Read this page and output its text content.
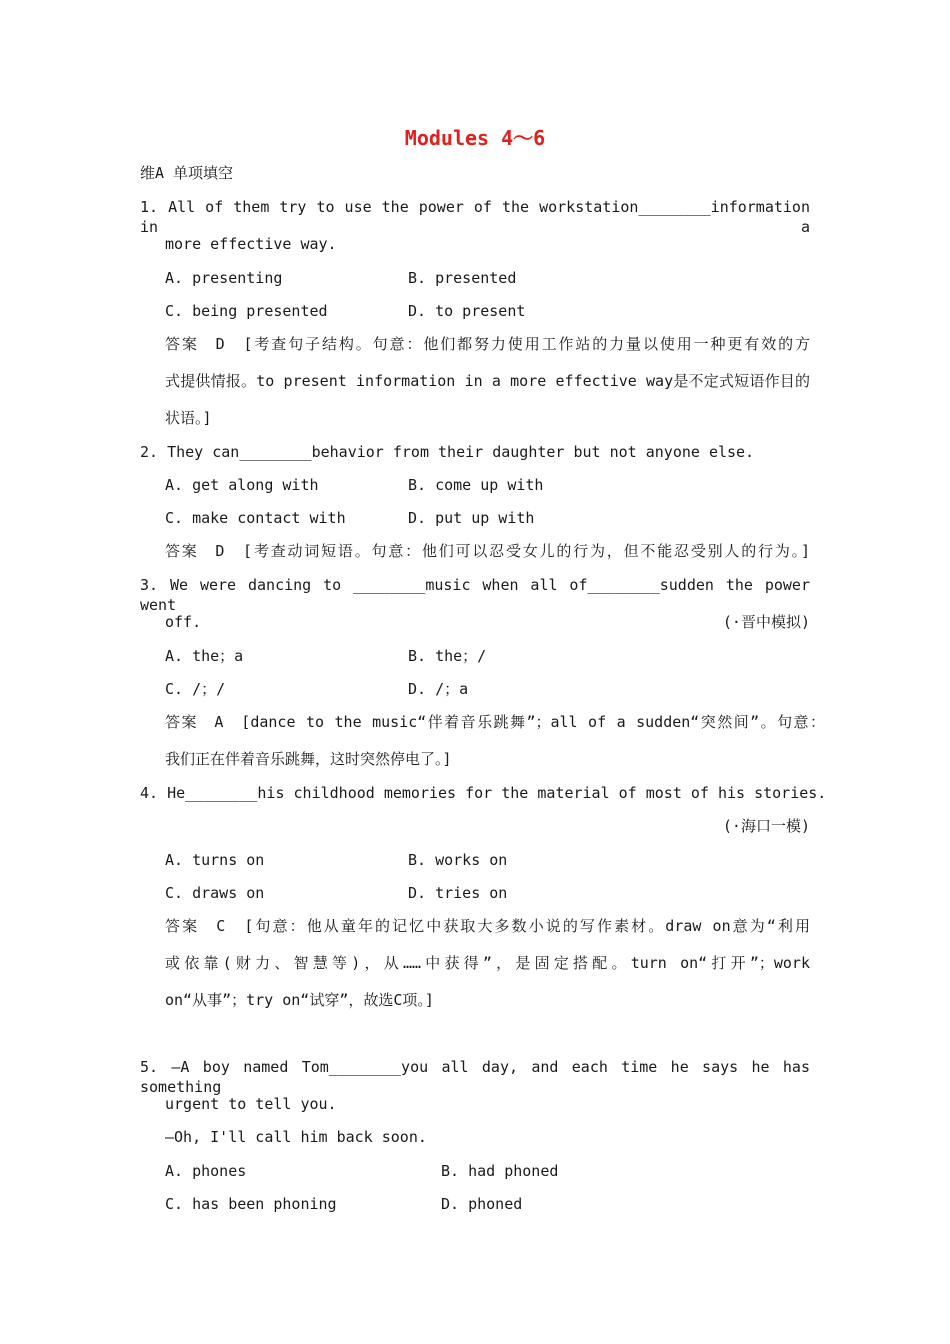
Modules 4～6
维A 单项填空
1. All of them try to use the power of the workstation________information in a
more effective way.
A. presenting	B. presented
C. being presented	D. to present
答案　D　[考查句子结构。句意：他们都努力使用工作站的力量以使用一种更有效的方
式提供情报。to present information in a more effective way是不定式短语作目的
状语。]
2. They can________behavior from their daughter but not anyone else.
A. get along with	B. come up with
C. make contact with	D. put up with
答案　D　[考查动词短语。句意：他们可以忍受女儿的行为，但不能忍受别人的行为。]
3. We were dancing to ________music when all of________sudden the power went
off.	(·晋中模拟)
A. the；a	B. the；/
C. /；/	D. /；a
答案　A　[dance to the music“伴着音乐跳舞”；all of a sudden“突然间”。句意：
我们正在伴着音乐跳舞，这时突然停电了。]
4. He________his childhood memories for the material of most of his stories.
(·海口一模)
A. turns on	B. works on
C. draws on	D. tries on
答案　C　[句意：他从童年的记忆中获取大多数小说的写作素材。draw on意为“利用
或依靠(财力、智慧等)，从……中获得”，是固定搭配。turn on“打开”；work
on“从事”；try on“试穿”，故选C项。]
5. —A boy named Tom________you all day, and each time he says he has something
urgent to tell you.
—Oh, I'll call him back soon.
A. phones	B. had phoned
C. has been phoning	D. phoned
